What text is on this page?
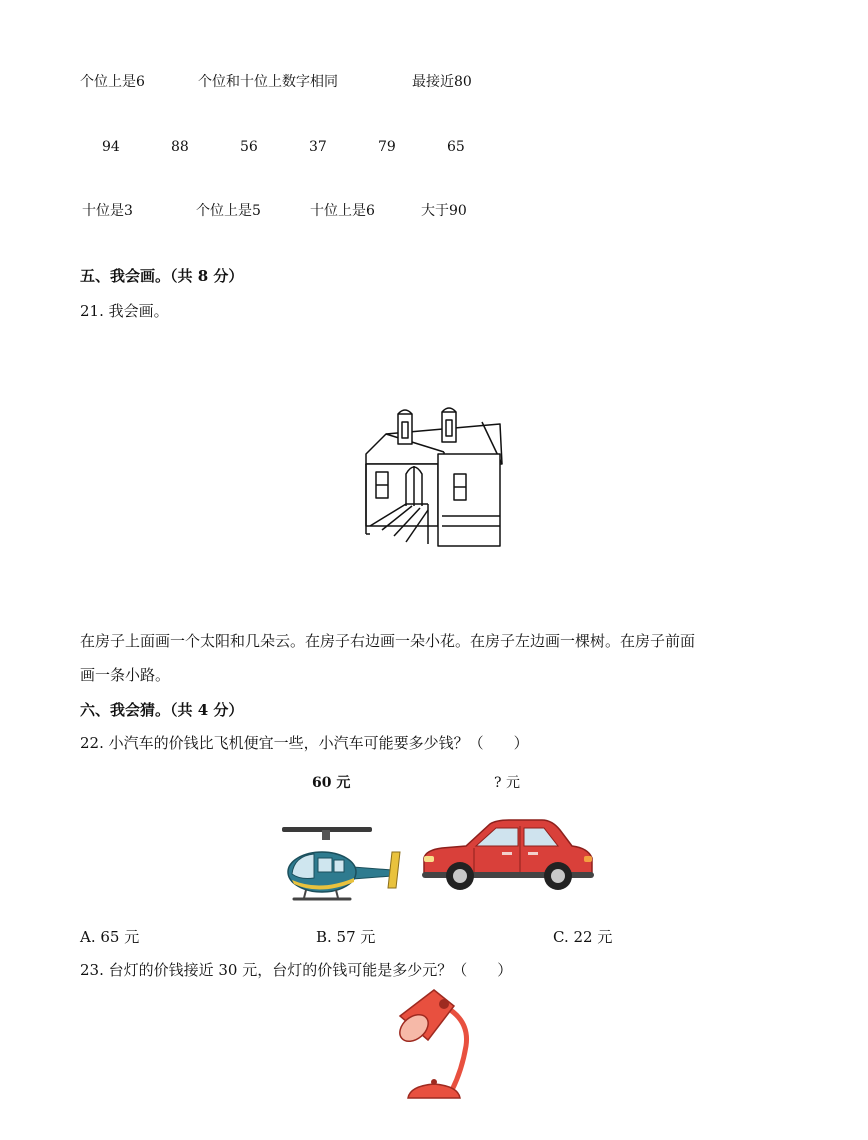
个位上是6	个位和十位上数字相同	最接近80
94	88	56	37	79	65
十位是3	个位上是5	十位上是6	大于90
五、我会画。（共 8 分）
21. 我会画。
在房子上面画一个太阳和几朵云。在房子右边画一朵小花。在房子左边画一棵树。在房子前面
画一条小路。
六、我会猜。（共 4 分）
22. 小汽车的价钱比飞机便宜一些，小汽车可能要多少钱？（　　）
60 元	? 元
A. 65 元	B. 57 元	C. 22 元
23. 台灯的价钱接近 30 元，台灯的价钱可能是多少元？（　　）
